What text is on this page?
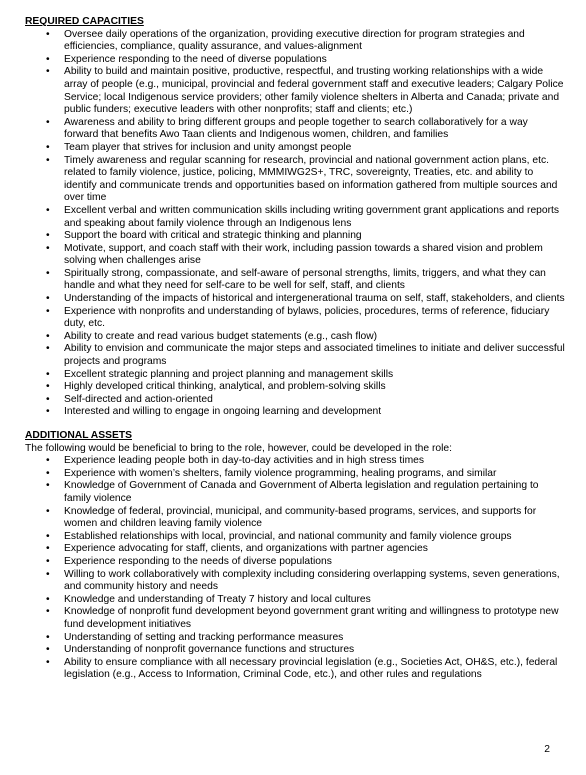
REQUIRED CAPACITIES
• Oversee daily operations of the organization, providing executive direction for program strategies and efficiencies, compliance, quality assurance, and values-alignment
• Experience responding to the need of diverse populations
• Ability to build and maintain positive, productive, respectful, and trusting working relationships with a wide array of people (e.g., municipal, provincial and federal government staff and executive leaders; Calgary Police Service; local Indigenous service providers; other family violence shelters in Alberta and Canada; private and public funders; executive leaders with other nonprofits; staff and clients; etc.)
• Awareness and ability to bring different groups and people together to search collaboratively for a way forward that benefits Awo Taan clients and Indigenous women, children, and families
• Team player that strives for inclusion and unity amongst people
• Timely awareness and regular scanning for research, provincial and national government action plans, etc. related to family violence, justice, policing, MMMIWG2S+, TRC, sovereignty, Treaties, etc. and ability to identify and communicate trends and opportunities based on information gathered from multiple sources and over time
• Excellent verbal and written communication skills including writing government grant applications and reports and speaking about family violence through an Indigenous lens
• Support the board with critical and strategic thinking and planning
• Motivate, support, and coach staff with their work, including passion towards a shared vision and problem solving when challenges arise
• Spiritually strong, compassionate, and self-aware of personal strengths, limits, triggers, and what they can handle and what they need for self-care to be well for self, staff, and clients
• Understanding of the impacts of historical and intergenerational trauma on self, staff, stakeholders, and clients
• Experience with nonprofits and understanding of bylaws, policies, procedures, terms of reference, fiduciary duty, etc.
• Ability to create and read various budget statements (e.g., cash flow)
• Ability to envision and communicate the major steps and associated timelines to initiate and deliver successful projects and programs
• Excellent strategic planning and project planning and management skills
• Highly developed critical thinking, analytical, and problem-solving skills
• Self-directed and action-oriented
• Interested and willing to engage in ongoing learning and development
ADDITIONAL ASSETS

The following would be beneficial to bring to the role, however, could be developed in the role:

• Experience leading people both in day-to-day activities and in high stress times
• Experience with women’s shelters, family violence programming, healing programs, and similar
• Knowledge of Government of Canada and Government of Alberta legislation and regulation pertaining to family violence
• Knowledge of federal, provincial, municipal, and community-based programs, services, and supports for women and children leaving family violence
• Established relationships with local, provincial, and national community and family violence groups
• Experience advocating for staff, clients, and organizations with partner agencies
• Experience responding to the needs of diverse populations
• Willing to work collaboratively with complexity including considering overlapping systems, seven generations, and community history and needs
• Knowledge and understanding of Treaty 7 history and local cultures
• Knowledge of nonprofit fund development beyond government grant writing and willingness to prototype new fund development initiatives
• Understanding of setting and tracking performance measures
• Understanding of nonprofit governance functions and structures
• Ability to ensure compliance with all necessary provincial legislation (e.g., Societies Act, OH&S, etc.), federal legislation (e.g., Access to Information, Criminal Code, etc.), and other rules and regulations
2
